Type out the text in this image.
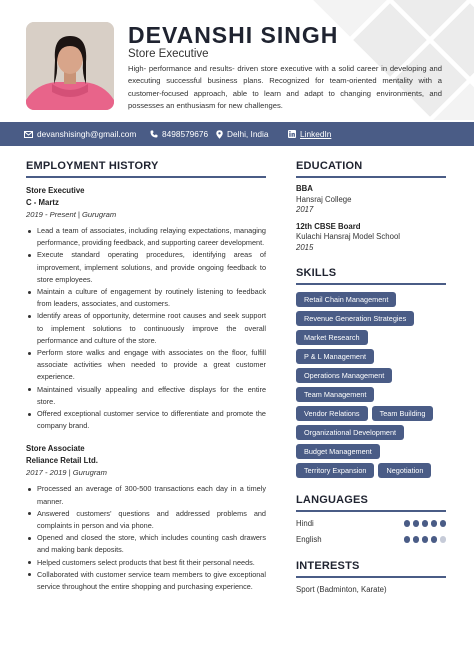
DEVANSHI SINGH
Store Executive
High- performance and results- driven store executive with a solid career in developing and executing successful business plans. Recognized for team-oriented mentality with a customer-focused approach, able to learn and adapt to changing environments, and possesses an enthusiasm for new challenges.
devanshisingh@gmail.com	8498579676 Delhi, India	LinkedIn
EMPLOYMENT HISTORY
Store Executive
C - Martz
2019 - Present | Gurugram
Lead a team of associates, including relaying expectations, managing performance, providing feedback, and supporting career development.
Execute standard operating procedures, identifying areas of improvement, implement solutions, and provide ongoing feedback to store employees.
Maintain a culture of engagement by routinely listening to feedback from leaders, associates, and customers.
Identify areas of opportunity, determine root causes and seek support to implement solutions to continuously improve the overall performance and culture of the store.
Perform store walks and engage with associates on the floor, fulfill associate activities when needed to provide a great customer experience.
Maintained visually appealing and effective displays for the entire store.
Offered exceptional customer service to differentiate and promote the company brand.
Store Associate
Reliance Retail Ltd.
2017 - 2019 | Gurugram
Processed an average of 300-500 transactions each day in a timely manner.
Answered customers' questions and addressed problems and complaints in person and via phone.
Opened and closed the store, which includes counting cash drawers and making bank deposits.
Helped customers select products that best fit their personal needs.
Collaborated with customer service team members to give exceptional service throughout the entire shopping and purchasing experience.
EDUCATION
BBA
Hansraj College
2017
12th CBSE Board
Kulachi Hansraj Model School
2015
SKILLS
Retail Chain Management
Revenue Generation Strategies
Market Research
P & L Management
Operations Management
Team Management
Vendor Relations	Team Building
Organizational Development
Budget Management
Territory Expansion	Negotiation
LANGUAGES
Hindi
English
INTERESTS
Sport (Badminton, Karate)
